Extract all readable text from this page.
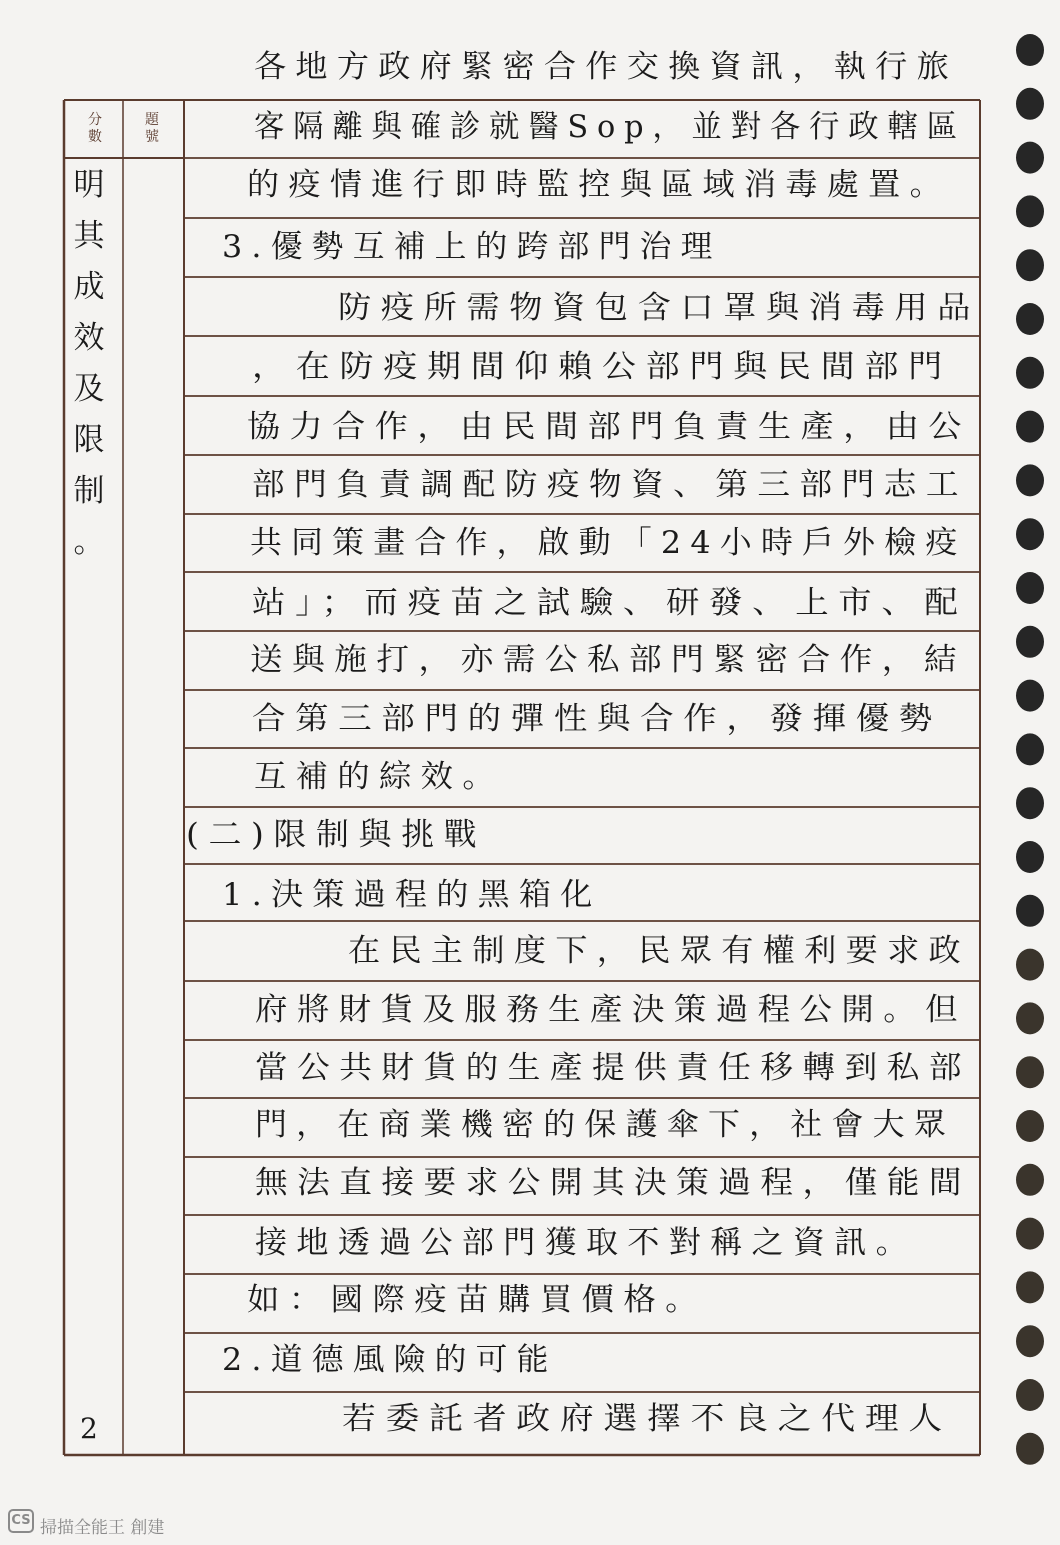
分
數
題
號
明
其
成
效
及
限
制
。
2
各地方政府緊密合作交換資訊，執行旅
客隔離與確診就醫Sop，並對各行政轄區
的疫情進行即時監控與區域消毒處置。
3.優勢互補上的跨部門治理
防疫所需物資包含口罩與消毒用品
，在防疫期間仰賴公部門與民間部門
協力合作，由民間部門負責生產，由公
部門負責調配防疫物資、第三部門志工
共同策畫合作，啟動「24小時戶外檢疫
站」；而疫苗之試驗、研發、上市、配
送與施打，亦需公私部門緊密合作，結
合第三部門的彈性與合作，發揮優勢
互補的綜效。
(二)限制與挑戰
1.決策過程的黑箱化
在民主制度下，民眾有權利要求政
府將財貨及服務生產決策過程公開。但
當公共財貨的生產提供責任移轉到私部
門，在商業機密的保護傘下，社會大眾
無法直接要求公開其決策過程，僅能間
接地透過公部門獲取不對稱之資訊。
如：國際疫苗購買價格。
2.道德風險的可能
若委託者政府選擇不良之代理人
CS 掃描全能王 創建
